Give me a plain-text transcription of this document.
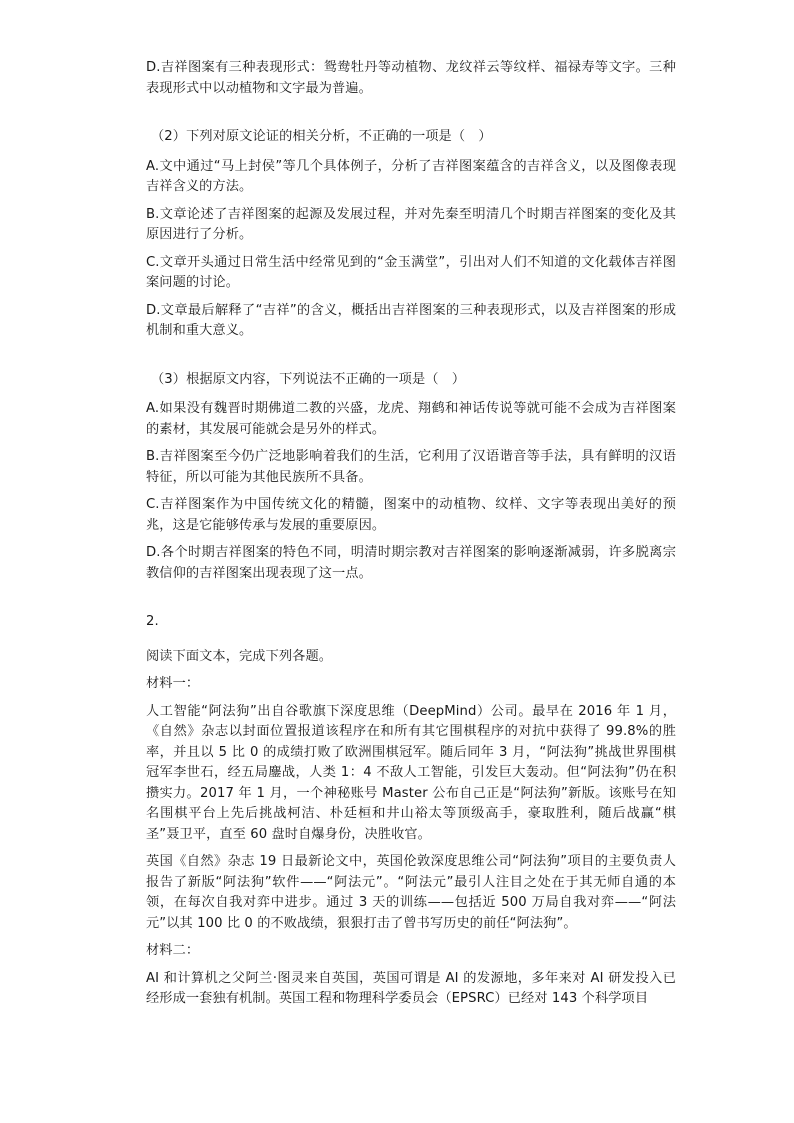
D.吉祥图案有三种表现形式：鸳鸯牡丹等动植物、龙纹祥云等纹样、福禄寿等文字。三种表现形式中以动植物和文字最为普遍。

（2）下列对原文论证的相关分析，不正确的一项是（　）

A.文中通过“马上封侯”等几个具体例子，分析了吉祥图案蕴含的吉祥含义，以及图像表现吉祥含义的方法。

B.文章论述了吉祥图案的起源及发展过程，并对先秦至明清几个时期吉祥图案的变化及其原因进行了分析。

C.文章开头通过日常生活中经常见到的“金玉满堂”，引出对人们不知道的文化载体吉祥图案问题的讨论。

D.文章最后解释了“吉祥”的含义，概括出吉祥图案的三种表现形式，以及吉祥图案的形成机制和重大意义。

（3）根据原文内容，下列说法不正确的一项是（　）

A.如果没有魏晋时期佛道二教的兴盛，龙虎、翔鹤和神话传说等就可能不会成为吉祥图案的素材，其发展可能就会是另外的样式。

B.吉祥图案至今仍广泛地影响着我们的生活，它利用了汉语谐音等手法，具有鲜明的汉语特征，所以可能为其他民族所不具备。

C.吉祥图案作为中国传统文化的精髓，图案中的动植物、纹样、文字等表现出美好的预兆，这是它能够传承与发展的重要原因。

D.各个时期吉祥图案的特色不同，明清时期宗教对吉祥图案的影响逐渐减弱，许多脱离宗教信仰的吉祥图案出现表现了这一点。

2.

阅读下面文本，完成下列各题。

材料一：

人工智能“阿法狗”出自谷歌旗下深度思维（DeepMind）公司。最早在 2016 年 1 月，《自然》杂志以封面位置报道该程序在和所有其它围棋程序的对抗中获得了 99.8%的胜率，并且以 5 比 0 的成绩打败了欧洲围棋冠军。随后同年 3 月，“阿法狗”挑战世界围棋冠军李世石，经五局鏖战，人类 1：4 不敌人工智能，引发巨大轰动。但“阿法狗”仍在积攒实力。2017 年 1 月，一个神秘账号 Master 公布自己正是“阿法狗”新版。该账号在知名围棋平台上先后挑战柯洁、朴廷桓和井山裕太等顶级高手，豪取胜利，随后战赢“棋圣”聂卫平，直至 60 盘时自爆身份，决胜收官。

英国《自然》杂志 19 日最新论文中，英国伦敦深度思维公司“阿法狗”项目的主要负责人报告了新版“阿法狗”软件——“阿法元”。“阿法元”最引人注目之处在于其无师自通的本领，在每次自我对弈中进步。通过 3 天的训练——包括近 500 万局自我对弈——“阿法元”以其 100 比 0 的不败战绩，狠狠打击了曾书写历史的前任“阿法狗”。

材料二：

AI 和计算机之父阿兰·图灵来自英国，英国可谓是 AI 的发源地，多年来对 AI 研发投入已经形成一套独有机制。英国工程和物理科学委员会（EPSRC）已经对 143 个科学项目
